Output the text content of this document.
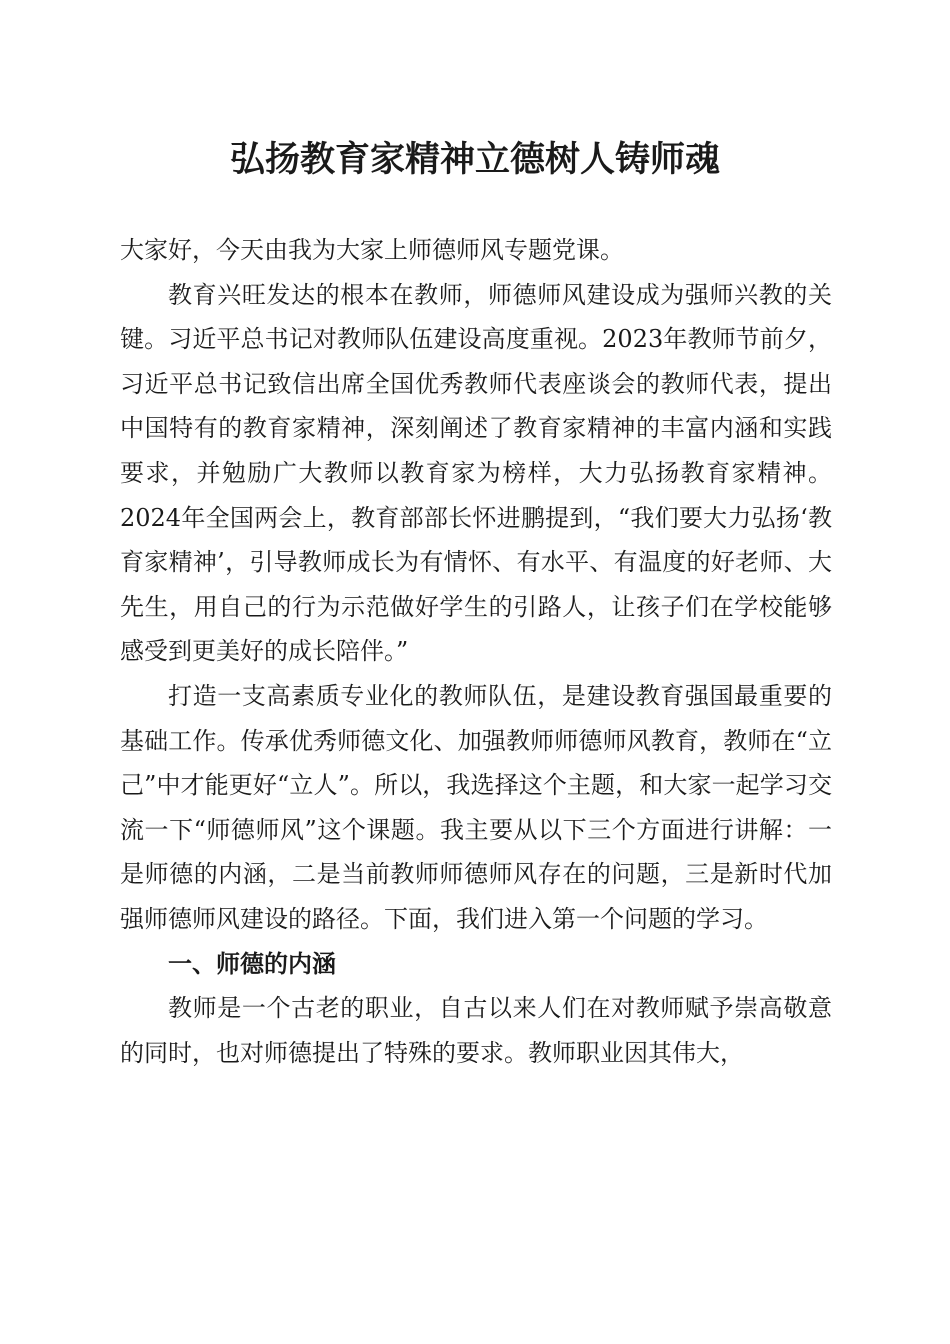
弘扬教育家精神立德树人铸师魂

大家好，今天由我为大家上师德师风专题党课。

教育兴旺发达的根本在教师，师德师风建设成为强师兴教的关键。习近平总书记对教师队伍建设高度重视。2023年教师节前夕，习近平总书记致信出席全国优秀教师代表座谈会的教师代表，提出中国特有的教育家精神，深刻阐述了教育家精神的丰富内涵和实践要求，并勉励广大教师以教育家为榜样，大力弘扬教育家精神。2024年全国两会上，教育部部长怀进鹏提到，“我们要大力弘扬‘教育家精神’，引导教师成长为有情怀、有水平、有温度的好老师、大先生，用自己的行为示范做好学生的引路人，让孩子们在学校能够感受到更美好的成长陪伴。”

打造一支高素质专业化的教师队伍，是建设教育强国最重要的基础工作。传承优秀师德文化、加强教师师德师风教育，教师在“立己”中才能更好“立人”。所以，我选择这个主题，和大家一起学习交流一下“师德师风”这个课题。我主要从以下三个方面进行讲解：一是师德的内涵，二是当前教师师德师风存在的问题，三是新时代加强师德师风建设的路径。下面，我们进入第一个问题的学习。

一、师德的内涵

教师是一个古老的职业，自古以来人们在对教师赋予崇高敬意的同时，也对师德提出了特殊的要求。教师职业因其伟大，
